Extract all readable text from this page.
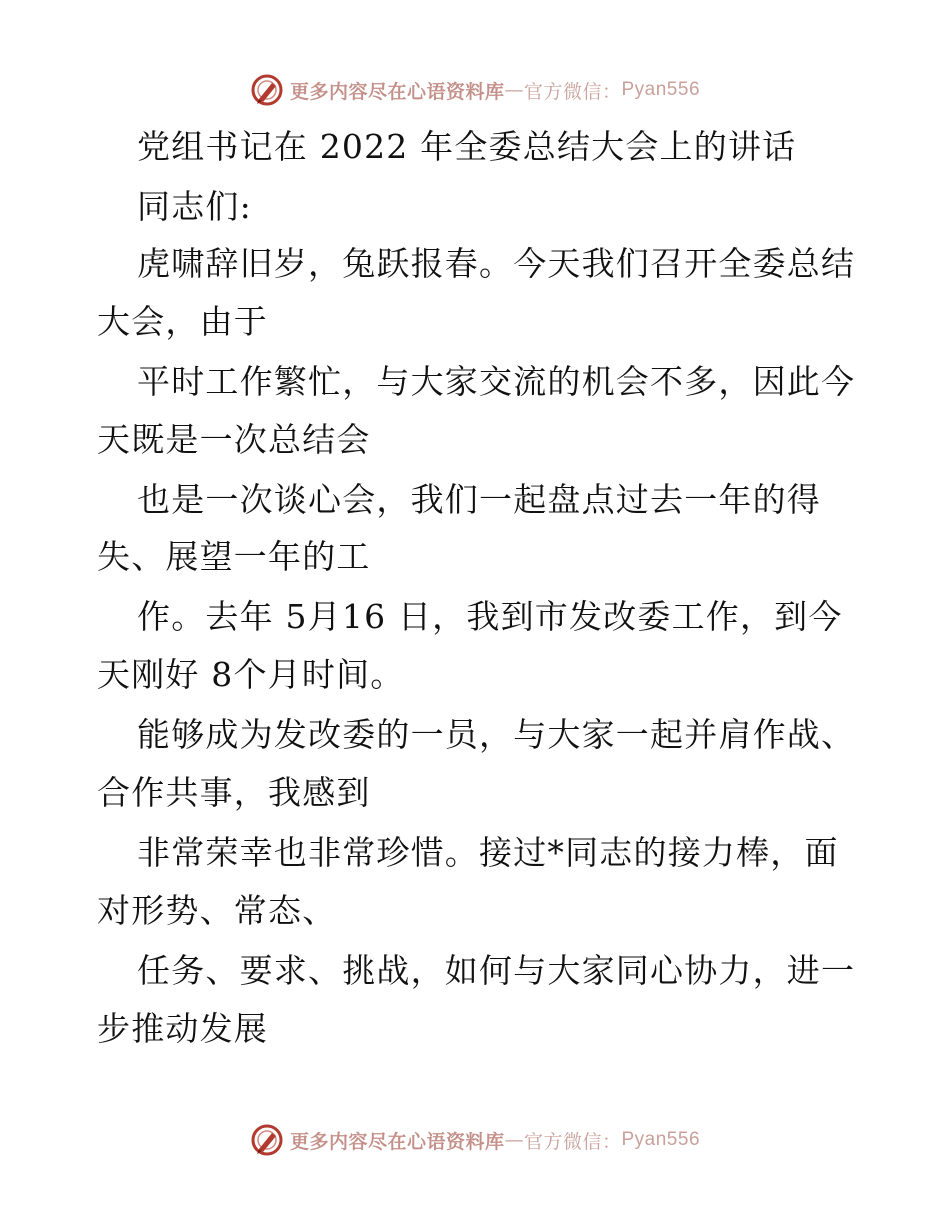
更多内容尽在心语资料库 — 官方微信： Pyan556
党组书记在 2022 年全委总结大会上的讲话
同志们:
虎啸辞旧岁，兔跃报春。今天我们召开全委总结
大会，由于
平时工作繁忙，与大家交流的机会不多，因此今
天既是一次总结会
也是一次谈心会，我们一起盘点过去一年的得
失、展望一年的工
作。去年 5月16 日，我到市发改委工作，到今
天刚好 8个月时间。
能够成为发改委的一员，与大家一起并肩作战、
合作共事，我感到
非常荣幸也非常珍惜。接过*同志的接力棒，面
对形势、常态、
任务、要求、挑战，如何与大家同心协力，进一
步推动发展
更多内容尽在心语资料库 — 官方微信： Pyan556
